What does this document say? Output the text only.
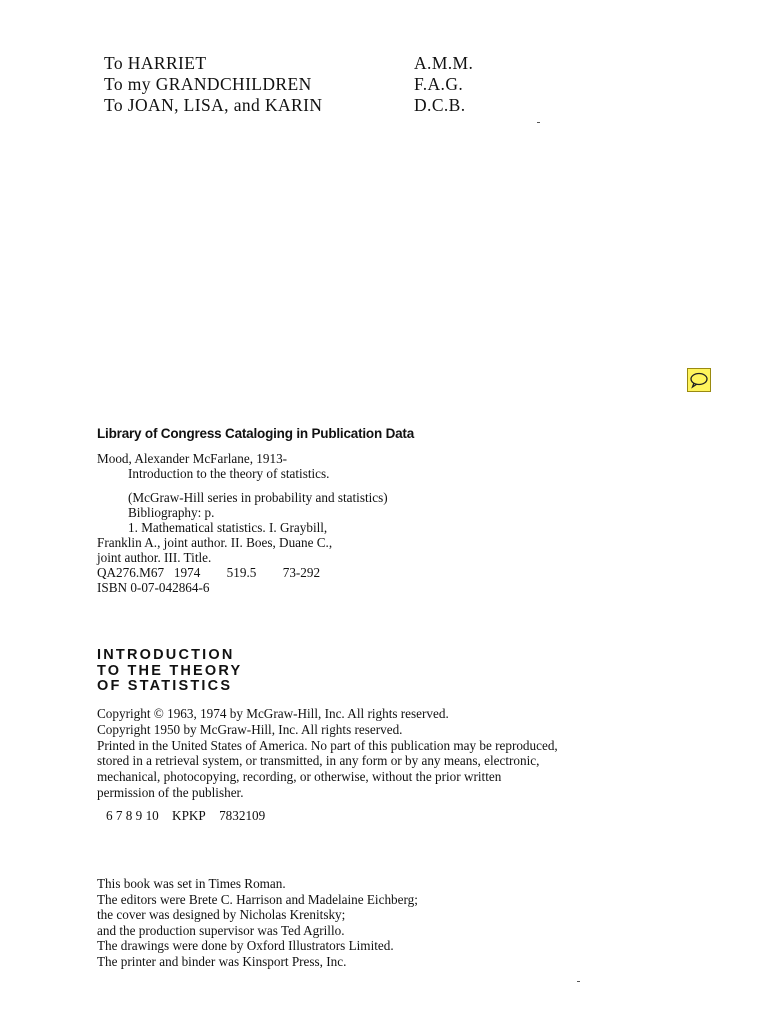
To HARRIET	A.M.M.
To my GRANDCHILDREN	F.A.G.
To JOAN, LISA, and KARIN	D.C.B.
Library of Congress Cataloging in Publication Data
Mood, Alexander McFarlane, 1913-
Introduction to the theory of statistics.
(McGraw-Hill series in probability and statistics)
Bibliography: p.
1. Mathematical statistics. I. Graybill,
Franklin A., joint author. II. Boes, Duane C.,
joint author. III. Title.
QA276.M67   1974        519.5        73-292
ISBN 0-07-042864-6
INTRODUCTION
TO THE THEORY
OF STATISTICS
Copyright © 1963, 1974 by McGraw-Hill, Inc. All rights reserved.
Copyright 1950 by McGraw-Hill, Inc. All rights reserved.
Printed in the United States of America. No part of this publication may be reproduced,
stored in a retrieval system, or transmitted, in any form or by any means, electronic,
mechanical, photocopying, recording, or otherwise, without the prior written
permission of the publisher.
6 7 8 9 10 KPKP 7832109
This book was set in Times Roman.
The editors were Brete C. Harrison and Madelaine Eichberg;
the cover was designed by Nicholas Krenitsky;
and the production supervisor was Ted Agrillo.
The drawings were done by Oxford Illustrators Limited.
The printer and binder was Kinsport Press, Inc.
